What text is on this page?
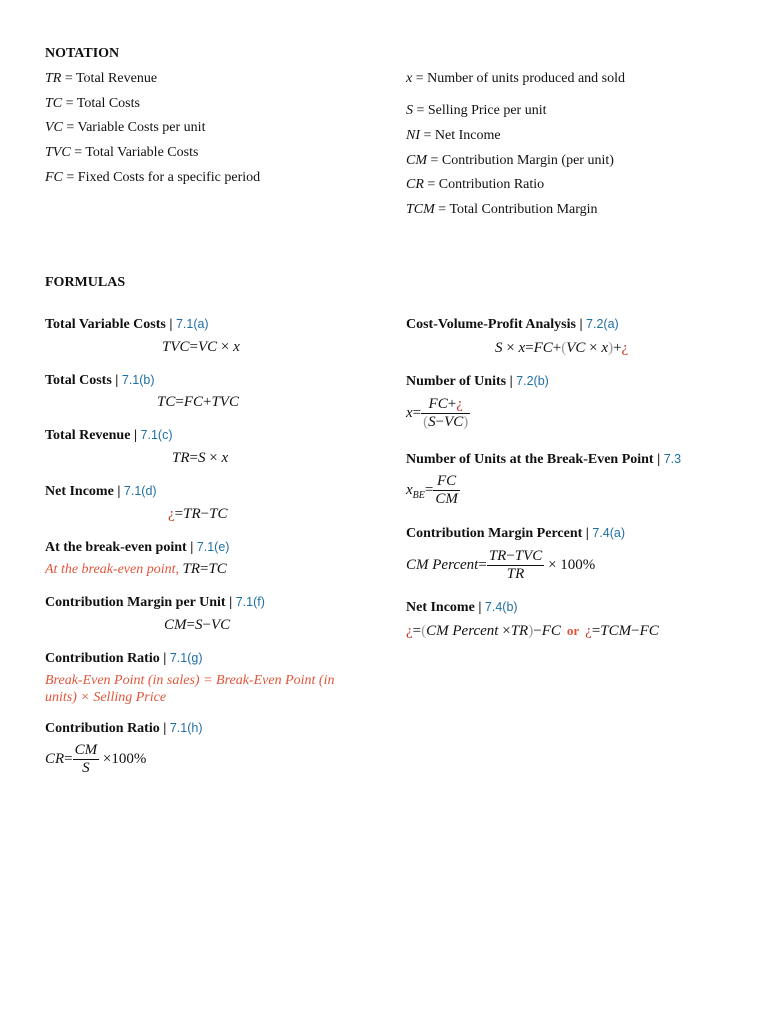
NOTATION
TR = Total Revenue
TC = Total Costs
VC = Variable Costs per unit
TVC = Total Variable Costs
FC = Fixed Costs for a specific period
x = Number of units produced and sold
S = Selling Price per unit
NI = Net Income
CM = Contribution Margin (per unit)
CR = Contribution Ratio
TCM = Total Contribution Margin
FORMULAS
Total Variable Costs | 7.1(a)
TVC=VC × x
Total Costs | 7.1(b)
TC=FC+TVC
Total Revenue | 7.1(c)
TR=S × x
Net Income | 7.1(d)
¿=TR−TC
At the break-even point | 7.1(e)
At the break-even point, TR=TC
Contribution Margin per Unit | 7.1(f)
CM=S−VC
Contribution Ratio | 7.1(g)
Break-Even Point (in sales) = Break-Even Point (in units) × Selling Price
Contribution Ratio | 7.1(h)
$CR= \frac{CM}{S} \times 100\%$
Cost-Volume-Profit Analysis | 7.2(a)
S × x=FC+(VC × x)+¿
Number of Units | 7.2(b)
$x= \frac{FC+¿}{(S-VC)}$
Number of Units at the Break-Even Point | 7.3
$x_{BE}= \frac{FC}{CM}$
Contribution Margin Percent | 7.4(a)
CM Percent= $\frac{\text{TR−TVC}}{TR} \times 100\%$
Net Income | 7.4(b)
¿=(CM Percent ×TR)−FC or ¿=TCM−FC
